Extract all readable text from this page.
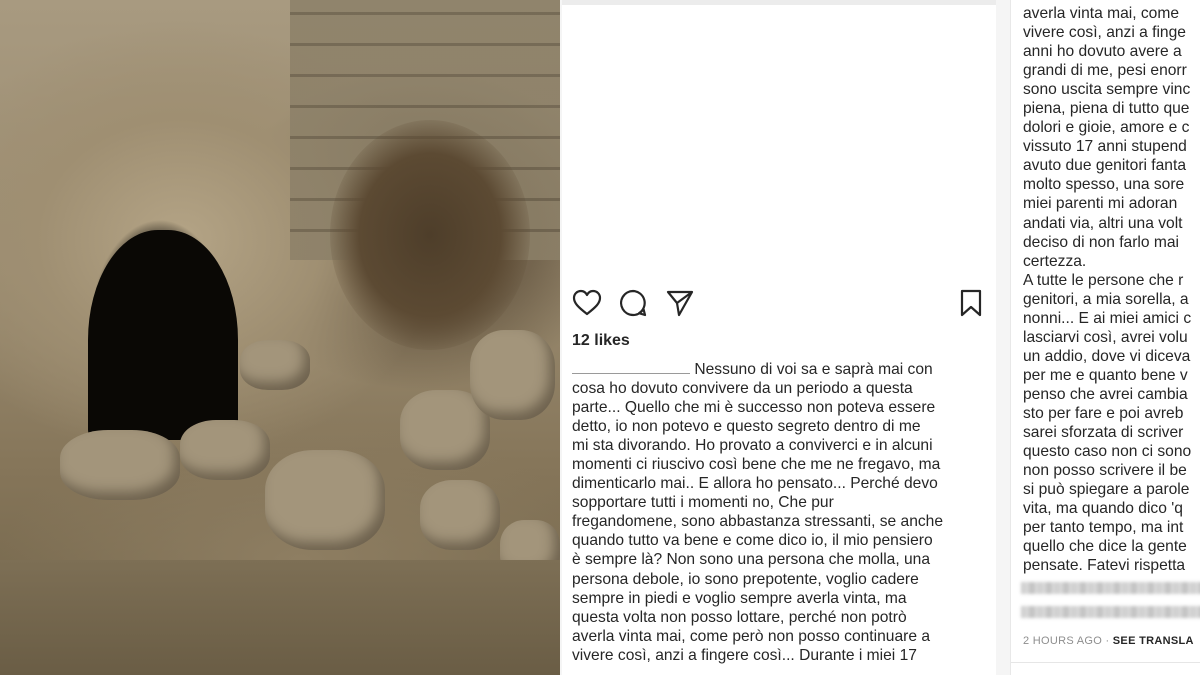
12 likes
Nessuno di voi sa e saprà mai con
cosa ho dovuto convivere da un periodo a questa
parte... Quello che mi è successo non poteva essere
detto, io non potevo e questo segreto dentro di me
mi sta divorando. Ho provato a conviverci e in alcuni
momenti ci riuscivo così bene che me ne fregavo, ma
dimenticarlo mai.. E allora ho pensato... Perché devo
sopportare tutti i momenti no, Che pur
fregandomene, sono abbastanza stressanti, se anche
quando tutto va bene e come dico io, il mio pensiero
è sempre là? Non sono una persona che molla, una
persona debole, io sono prepotente, voglio cadere
sempre in piedi e voglio sempre averla vinta, ma
questa volta non posso lottare, perché non potrò
averla vinta mai, come però non posso continuare a
vivere così, anzi a fingere così... Durante i miei 17
averla vinta mai, come
vivere così, anzi a finge
anni ho dovuto avere a
grandi di me, pesi enorr
sono uscita sempre vinc
piena, piena di tutto que
dolori e gioie, amore e c
vissuto 17 anni stupend
avuto due genitori fanta
molto spesso, una sore
miei parenti mi adoran
andati via, altri una volt
deciso di non farlo mai
certezza.
A tutte le persone che r
genitori, a mia sorella, a
nonni... E ai miei amici c
lasciarvi così, avrei volu
un addio, dove vi diceva
per me e quanto bene v
penso che avrei cambia
sto per fare e poi avreb
sarei sforzata di scriver
questo caso non ci sono
non posso scrivere il be
si può spiegare a parole
vita, ma quando dico 'q
per tanto tempo, ma int
quello che dice la gente
pensate. Fatevi rispetta
2 HOURS AGO · SEE TRANSLA
